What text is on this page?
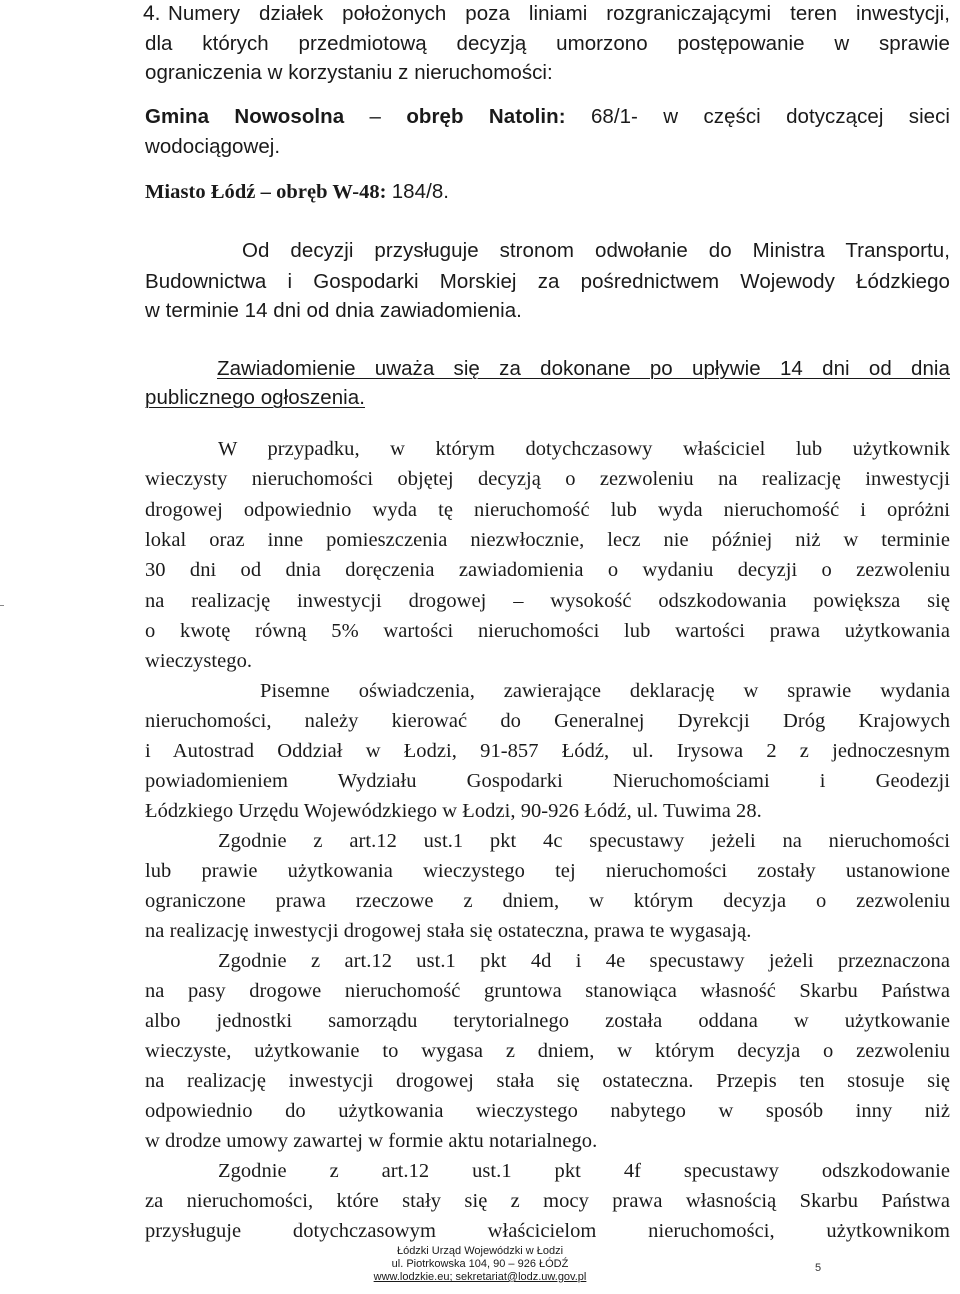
4. Numery działek położonych poza liniami rozgraniczającymi teren inwestycji,
dla których przedmiotową decyzją umorzono postępowanie w sprawie
ograniczenia w korzystaniu z nieruchomości:
Gmina Nowosolna – obręb Natolin: 68/1- w części dotyczącej sieci
wodociągowej.
Miasto Łódź – obręb W-48: 184/8.
Od decyzji przysługuje stronom odwołanie do Ministra Transportu,
Budownictwa i Gospodarki Morskiej za pośrednictwem Wojewody Łódzkiego
w terminie 14 dni od dnia zawiadomienia.
Zawiadomienie uważa się za dokonane po upływie 14 dni od dnia
publicznego ogłoszenia.
W przypadku, w którym dotychczasowy właściciel lub użytkownik
wieczysty nieruchomości objętej decyzją o zezwoleniu na realizację inwestycji
drogowej odpowiednio wyda tę nieruchomość lub wyda nieruchomość i opróżni
lokal oraz inne pomieszczenia niezwłocznie, lecz nie później niż w terminie
30 dni od dnia doręczenia zawiadomienia o wydaniu decyzji o zezwoleniu
na realizację inwestycji drogowej – wysokość odszkodowania powiększa się
o kwotę równą 5% wartości nieruchomości lub wartości prawa użytkowania
wieczystego.
Pisemne oświadczenia, zawierające deklarację w sprawie wydania
nieruchomości, należy kierować do Generalnej Dyrekcji Dróg Krajowych
i Autostrad Oddział w Łodzi, 91-857 Łódź, ul. Irysowa 2 z jednoczesnym
powiadomieniem Wydziału Gospodarki Nieruchomościami i Geodezji
Łódzkiego Urzędu Wojewódzkiego w Łodzi, 90-926 Łódź, ul. Tuwima 28.
Zgodnie z art.12 ust.1 pkt 4c specustawy jeżeli na nieruchomości
lub prawie użytkowania wieczystego tej nieruchomości zostały ustanowione
ograniczone prawa rzeczowe z dniem, w którym decyzja o zezwoleniu
na realizację inwestycji drogowej stała się ostateczna, prawa te wygasają.
Zgodnie z art.12 ust.1 pkt 4d i 4e specustawy jeżeli przeznaczona
na pasy drogowe nieruchomość gruntowa stanowiąca własność Skarbu Państwa
albo jednostki samorządu terytorialnego została oddana w użytkowanie
wieczyste, użytkowanie to wygasa z dniem, w którym decyzja o zezwoleniu
na realizację inwestycji drogowej stała się ostateczna. Przepis ten stosuje się
odpowiednio do użytkowania wieczystego nabytego w sposób inny niż
w drodze umowy zawartej w formie aktu notarialnego.
Zgodnie z art.12 ust.1 pkt 4f specustawy odszkodowanie
za nieruchomości, które stały się z mocy prawa własnością Skarbu Państwa
przysługuje dotychczasowym właścicielom nieruchomości, użytkownikom
Łódzki Urząd Wojewódzki w Łodzi
ul. Piotrkowska 104, 90 – 926 ŁÓDŹ
www.lodzkie.eu; sekretariat@lodz.uw.gov.pl
5
